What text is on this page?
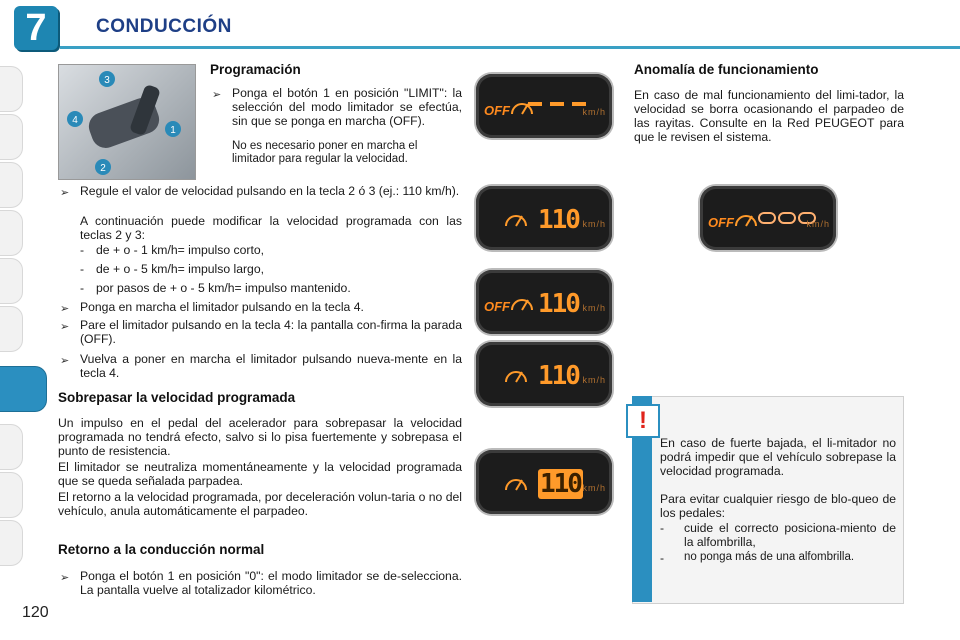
7	CONDUCCIÓN
3
4
1
2
Programación
➢ Ponga el botón 1 en posición "LIMIT": la selección del modo limitador se efectúa, sin que se ponga en marcha (OFF).

No es necesario poner en marcha el limitador para regular la velocidad.

➢ Regule el valor de velocidad pulsando en la tecla 2 ó 3 (ej.: 110 km/h).

A continuación puede modificar la velocidad programada con las teclas 2 y 3:

- de + o - 1 km/h= impulso corto,

- de + o - 5 km/h= impulso largo,

- por pasos de + o - 5 km/h= impulso mantenido.

➢ Ponga en marcha el limitador pulsando en la tecla 4.

➢ Pare el limitador pulsando en la tecla 4: la pantalla con-firma la parada (OFF).

➢ Vuelva a poner en marcha el limitador pulsando nueva-mente en la tecla 4.

Sobrepasar la velocidad programada

Un impulso en el pedal del acelerador para sobrepasar la velocidad programada no tendrá efecto, salvo si lo pisa fuertemente y sobrepasa el punto de resistencia.

El limitador se neutraliza momentáneamente y la velocidad programada que se queda señalada parpadea.

El retorno a la velocidad programada, por deceleración volun-taria o no del vehículo, anula automáticamente el parpadeo.

Retorno a la conducción normal
➢ Ponga el botón 1 en posición "0": el modo limitador se de-selecciona. La pantalla vuelve al totalizador kilométrico.

OFF	km/h
110 km/h
OFF 110 km/h
110 km/h
110 km/h
Anomalía de funcionamiento

En caso de mal funcionamiento del limi-tador, la velocidad se borra ocasionando el parpadeo de las rayitas. Consulte en la Red PEUGEOT para que le revisen el sistema.

OFF	km/h
!

En caso de fuerte bajada, el li-mitador no podrá impedir que el vehículo sobrepase la velocidad programada.

Para evitar cualquier riesgo de blo-queo de los pedales:

- cuide el correcto posiciona-miento de la alfombrilla,

- no ponga más de una alfombrilla.

120
